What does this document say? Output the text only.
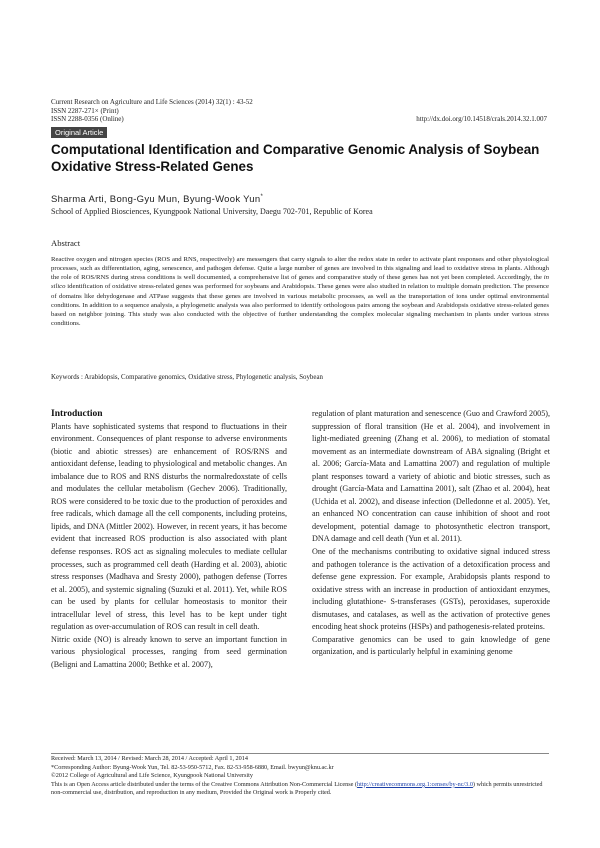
Current Research on Agriculture and Life Sciences (2014) 32(1) : 43-52
ISSN 2287-271× (Print)
ISSN 2288-0356 (Online)	http://dx.doi.org/10.14518/crals.2014.32.1.007
Original Article
Computational Identification and Comparative Genomic Analysis of Soybean Oxidative Stress-Related Genes
Sharma Arti, Bong-Gyu Mun, Byung-Wook Yun*
School of Applied Biosciences, Kyungpook National University, Daegu 702-701, Republic of Korea
Abstract
Reactive oxygen and nitrogen species (ROS and RNS, respectively) are messengers that carry signals to alter the redox state in order to activate plant responses and other physiological processes, such as differentiation, aging, senescence, and pathogen defense. Quite a large number of genes are involved in this signaling and lead to oxidative stress in plants. Although the role of ROS/RNS during stress conditions is well documented, a comprehensive list of genes and comparative study of these genes has not yet been completed. Accordingly, the in silico identification of oxidative stress-related genes was performed for soybeans and Arabidopsis. These genes were also studied in relation to multiple domain prediction. The presence of domains like dehydogenase and ATPase suggests that these genes are involved in various metabolic processes, as well as the transportation of ions under optimal environmental conditions. In addition to a sequence analysis, a phylogenetic analysis was also performed to identify orthologous pairs among the soybean and Arabidopsis oxidative stress-related genes based on neighbor joining. This study was also conducted with the objective of further understanding the complex molecular signaling mechanism in plants under various stress conditions.
Keywords : Arabidopsis, Comparative genomics, Oxidative stress, Phylogenetic analysis, Soybean
Introduction

Plants have sophisticated systems that respond to fluctuations in their environment. Consequences of plant response to adverse environments (biotic and abiotic stresses) are enhancement of ROS/RNS and antioxidant defense, leading to physiological and metabolic changes. An imbalance due to ROS and RNS disturbs the normalredoxstate of cells and modulates the cellular metabolism (Gechev 2006). Traditionally, ROS were considered to be toxic due to the production of peroxides and free radicals, which damage all the cell components, including proteins, lipids, and DNA (Mittler 2002). However, in recent years, it has become evident that increased ROS production is also associated with plant defense responses. ROS act as signaling molecules to mediate cellular processes, such as programmed cell death (Harding et al. 2003), abiotic stress responses (Madhava and Sresty 2000), pathogen defense (Torres et al. 2005), and systemic signaling (Suzuki et al. 2011). Yet, while ROS can be used by plants for cellular homeostasis to monitor their intracellular level of stress, this level has to be kept under tight regulation as over-accumulation of ROS can result in cell death.

Nitric oxide (NO) is already known to serve an important function in various physiological processes, ranging from seed germination (Beligni and Lamattina 2000; Bethke et al. 2007),

regulation of plant maturation and senescence (Guo and Crawford 2005), suppression of floral transition (He et al. 2004), and involvement in light-mediated greening (Zhang et al. 2006), to mediation of stomatal movement as an intermediate downstream of ABA signaling (Bright et al. 2006; García-Mata and Lamattina 2007) and regulation of multiple plant responses toward a variety of abiotic and biotic stresses, such as drought (García-Mata and Lamattina 2001), salt (Zhao et al. 2004), heat (Uchida et al. 2002), and disease infection (Delledonne et al. 2005). Yet, an enhanced NO concentration can cause inhibition of shoot and root development, potential damage to photosynthetic electron transport, DNA damage and cell death (Yun et al. 2011).

One of the mechanisms contributing to oxidative signal induced stress and pathogen tolerance is the activation of a detoxification process and defense gene expression. For example, Arabidopsis plants respond to oxidative stress with an increase in production of antioxidant enzymes, including glutathione- S-transferases (GSTs), peroxidases, superoxide dismutases, and catalases, as well as the activation of protective genes encoding heat shock proteins (HSPs) and pathogenesis-related proteins.

Comparative genomics can be used to gain knowledge of gene organization, and is particularly helpful in examining genome

Received: March 13, 2014 / Revised: March 28, 2014 / Accepted: April 1, 2014
*Corresponding Author: Byung-Wook Yun, Tel. 82-53-950-5712, Fax. 82-53-958-6880, Email. bwyun@knu.ac.kr
©2012 College of Agricultural and Life Science, Kyungpook National University
This is an Open Access article distributed under the terms of the Creative Commons Attribution Non-Commercial License (http://creativecommons.org.1:censes/by-nc/3.0) which permits unrestricted non-commercial use, distribution, and reproduction in any medium, Provided the Original work is Properly cited.
